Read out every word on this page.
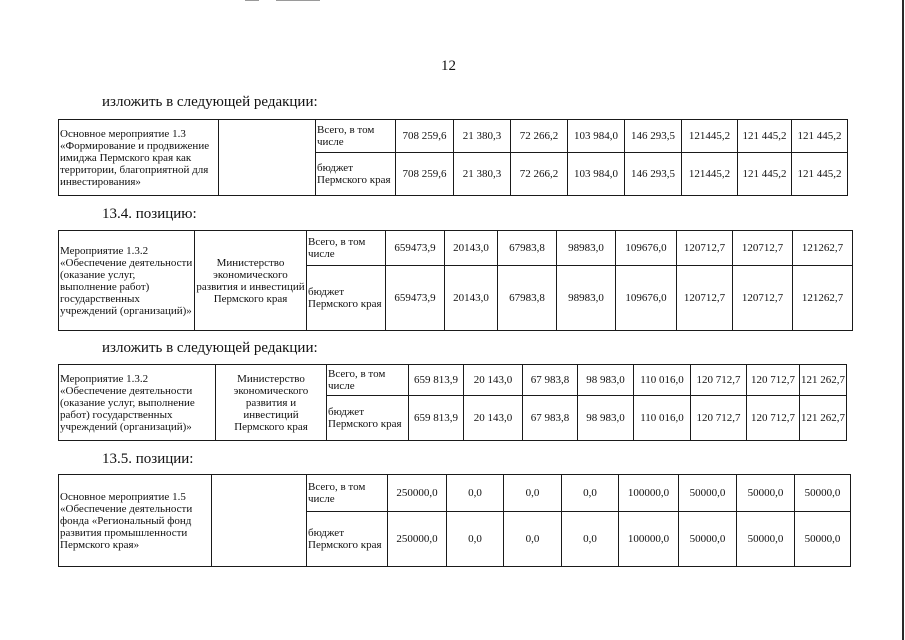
12
изложить в следующей редакции:
Основное мероприятие 1.3 «Формирование и продвижение имиджа Пермского края как территории, благоприятной для инвестирования»		Всего, в том числе	708 259,6	21 380,3	72 266,2	103 984,0	146 293,5	121445,2	121 445,2	121 445,2
		бюджет Пермского края	708 259,6	21 380,3	72 266,2	103 984,0	146 293,5	121445,2	121 445,2	121 445,2
13.4. позицию:
Мероприятие 1.3.2 «Обеспечение деятельности (оказание услуг, выполнение работ) государственных учреждений (организаций)»	Министерство экономического развития и инвестиций Пермского края	Всего, в том числе	659473,9	20143,0	67983,8	98983,0	109676,0	120712,7	120712,7	121262,7
		бюджет Пермского края	659473,9	20143,0	67983,8	98983,0	109676,0	120712,7	120712,7	121262,7
изложить в следующей редакции:
Мероприятие 1.3.2 «Обеспечение деятельности (оказание услуг, выполнение работ) государственных учреждений (организаций)»	Министерство экономического развития и инвестиций Пермского края	Всего, в том числе	659 813,9	20 143,0	67 983,8	98 983,0	110 016,0	120 712,7	120 712,7	121 262,7
		бюджет Пермского края	659 813,9	20 143,0	67 983,8	98 983,0	110 016,0	120 712,7	120 712,7	121 262,7
13.5. позиции:
Основное мероприятие 1.5 «Обеспечение деятельности фонда «Региональный фонд развития промышленности Пермского края»		Всего, в том числе	250000,0	0,0	0,0	0,0	100000,0	50000,0	50000,0	50000,0
		бюджет Пермского края	250000,0	0,0	0,0	0,0	100000,0	50000,0	50000,0	50000,0
